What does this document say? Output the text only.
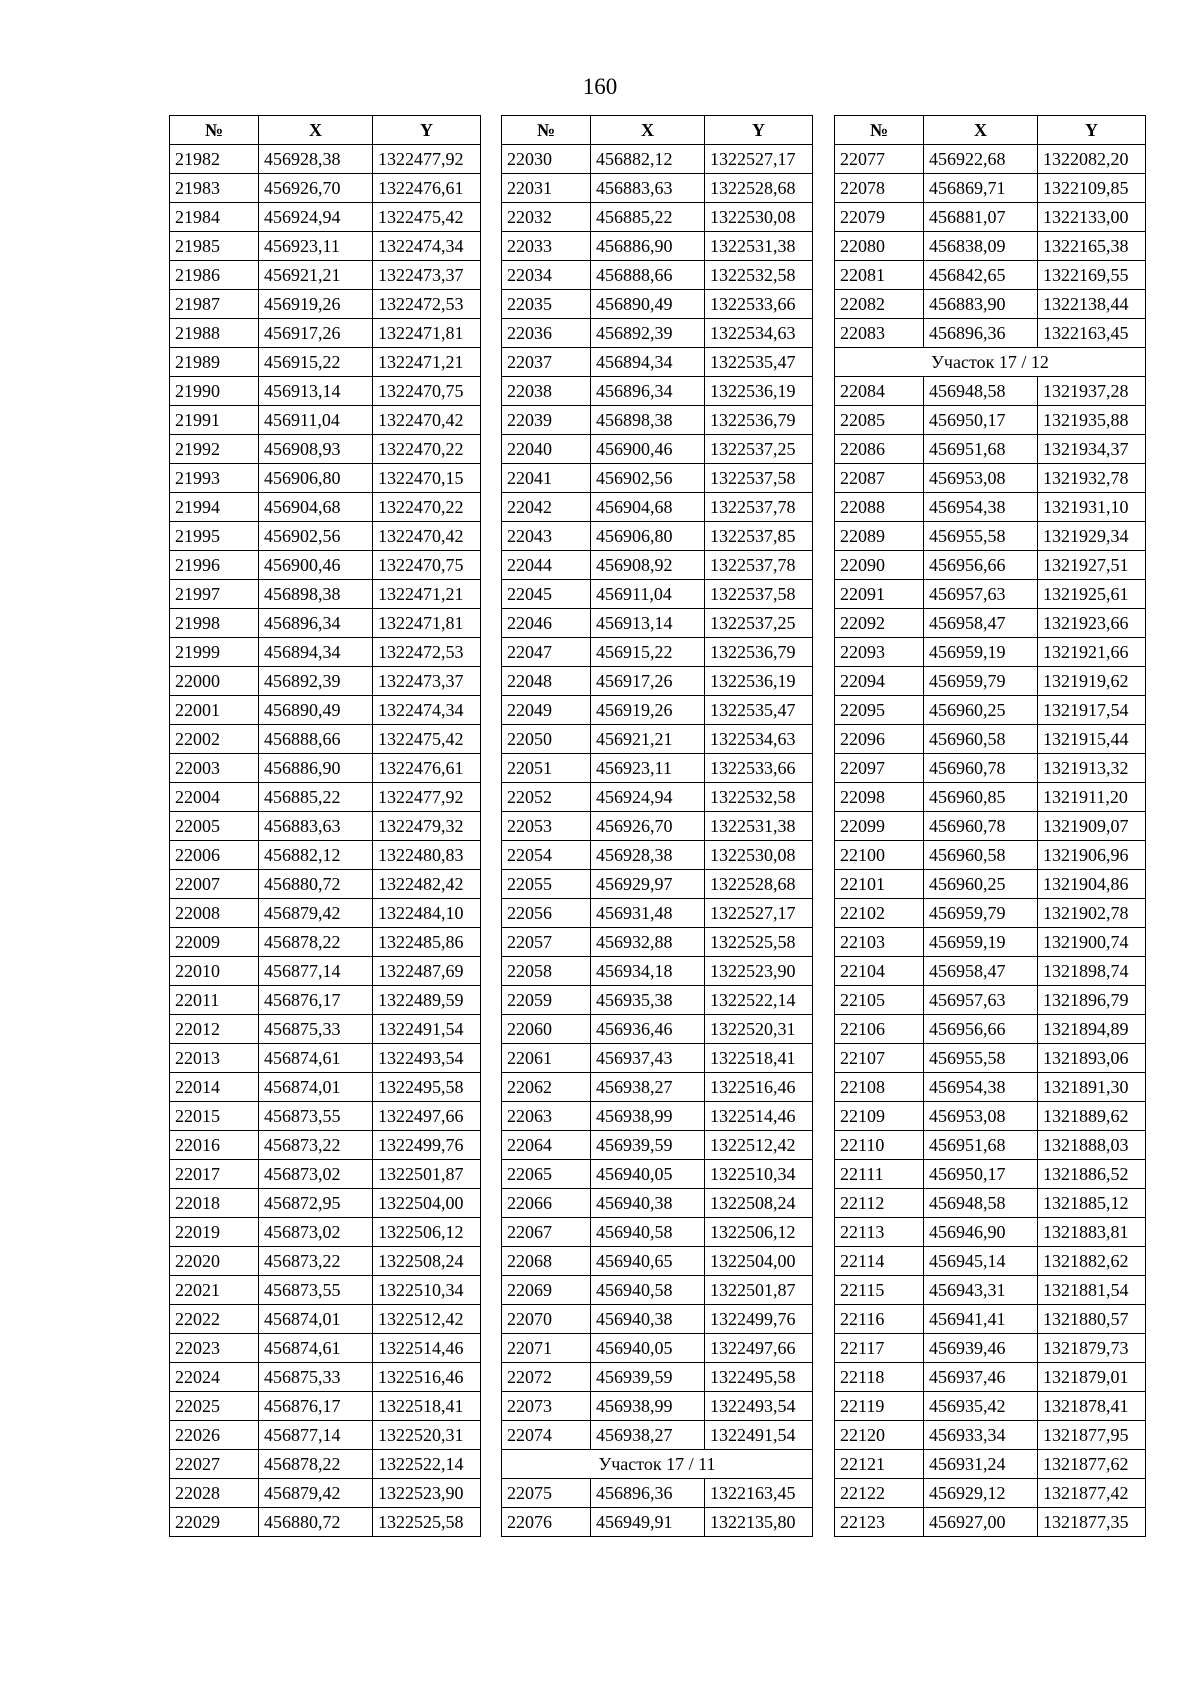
160
№	X	Y
21982	456928,38	1322477,92
21983	456926,70	1322476,61
21984	456924,94	1322475,42
21985	456923,11	1322474,34
21986	456921,21	1322473,37
21987	456919,26	1322472,53
21988	456917,26	1322471,81
21989	456915,22	1322471,21
21990	456913,14	1322470,75
21991	456911,04	1322470,42
21992	456908,93	1322470,22
21993	456906,80	1322470,15
21994	456904,68	1322470,22
21995	456902,56	1322470,42
21996	456900,46	1322470,75
21997	456898,38	1322471,21
21998	456896,34	1322471,81
21999	456894,34	1322472,53
22000	456892,39	1322473,37
22001	456890,49	1322474,34
22002	456888,66	1322475,42
22003	456886,90	1322476,61
22004	456885,22	1322477,92
22005	456883,63	1322479,32
22006	456882,12	1322480,83
22007	456880,72	1322482,42
22008	456879,42	1322484,10
22009	456878,22	1322485,86
22010	456877,14	1322487,69
22011	456876,17	1322489,59
22012	456875,33	1322491,54
22013	456874,61	1322493,54
22014	456874,01	1322495,58
22015	456873,55	1322497,66
22016	456873,22	1322499,76
22017	456873,02	1322501,87
22018	456872,95	1322504,00
22019	456873,02	1322506,12
22020	456873,22	1322508,24
22021	456873,55	1322510,34
22022	456874,01	1322512,42
22023	456874,61	1322514,46
22024	456875,33	1322516,46
22025	456876,17	1322518,41
22026	456877,14	1322520,31
22027	456878,22	1322522,14
22028	456879,42	1322523,90
22029	456880,72	1322525,58
№	X	Y
22030	456882,12	1322527,17
22031	456883,63	1322528,68
22032	456885,22	1322530,08
22033	456886,90	1322531,38
22034	456888,66	1322532,58
22035	456890,49	1322533,66
22036	456892,39	1322534,63
22037	456894,34	1322535,47
22038	456896,34	1322536,19
22039	456898,38	1322536,79
22040	456900,46	1322537,25
22041	456902,56	1322537,58
22042	456904,68	1322537,78
22043	456906,80	1322537,85
22044	456908,92	1322537,78
22045	456911,04	1322537,58
22046	456913,14	1322537,25
22047	456915,22	1322536,79
22048	456917,26	1322536,19
22049	456919,26	1322535,47
22050	456921,21	1322534,63
22051	456923,11	1322533,66
22052	456924,94	1322532,58
22053	456926,70	1322531,38
22054	456928,38	1322530,08
22055	456929,97	1322528,68
22056	456931,48	1322527,17
22057	456932,88	1322525,58
22058	456934,18	1322523,90
22059	456935,38	1322522,14
22060	456936,46	1322520,31
22061	456937,43	1322518,41
22062	456938,27	1322516,46
22063	456938,99	1322514,46
22064	456939,59	1322512,42
22065	456940,05	1322510,34
22066	456940,38	1322508,24
22067	456940,58	1322506,12
22068	456940,65	1322504,00
22069	456940,58	1322501,87
22070	456940,38	1322499,76
22071	456940,05	1322497,66
22072	456939,59	1322495,58
22073	456938,99	1322493,54
22074	456938,27	1322491,54
Участок 17 / 11		
22075	456896,36	1322163,45
22076	456949,91	1322135,80
№	X	Y
22077	456922,68	1322082,20
22078	456869,71	1322109,85
22079	456881,07	1322133,00
22080	456838,09	1322165,38
22081	456842,65	1322169,55
22082	456883,90	1322138,44
22083	456896,36	1322163,45
Участок 17 / 12		
22084	456948,58	1321937,28
22085	456950,17	1321935,88
22086	456951,68	1321934,37
22087	456953,08	1321932,78
22088	456954,38	1321931,10
22089	456955,58	1321929,34
22090	456956,66	1321927,51
22091	456957,63	1321925,61
22092	456958,47	1321923,66
22093	456959,19	1321921,66
22094	456959,79	1321919,62
22095	456960,25	1321917,54
22096	456960,58	1321915,44
22097	456960,78	1321913,32
22098	456960,85	1321911,20
22099	456960,78	1321909,07
22100	456960,58	1321906,96
22101	456960,25	1321904,86
22102	456959,79	1321902,78
22103	456959,19	1321900,74
22104	456958,47	1321898,74
22105	456957,63	1321896,79
22106	456956,66	1321894,89
22107	456955,58	1321893,06
22108	456954,38	1321891,30
22109	456953,08	1321889,62
22110	456951,68	1321888,03
22111	456950,17	1321886,52
22112	456948,58	1321885,12
22113	456946,90	1321883,81
22114	456945,14	1321882,62
22115	456943,31	1321881,54
22116	456941,41	1321880,57
22117	456939,46	1321879,73
22118	456937,46	1321879,01
22119	456935,42	1321878,41
22120	456933,34	1321877,95
22121	456931,24	1321877,62
22122	456929,12	1321877,42
22123	456927,00	1321877,35
